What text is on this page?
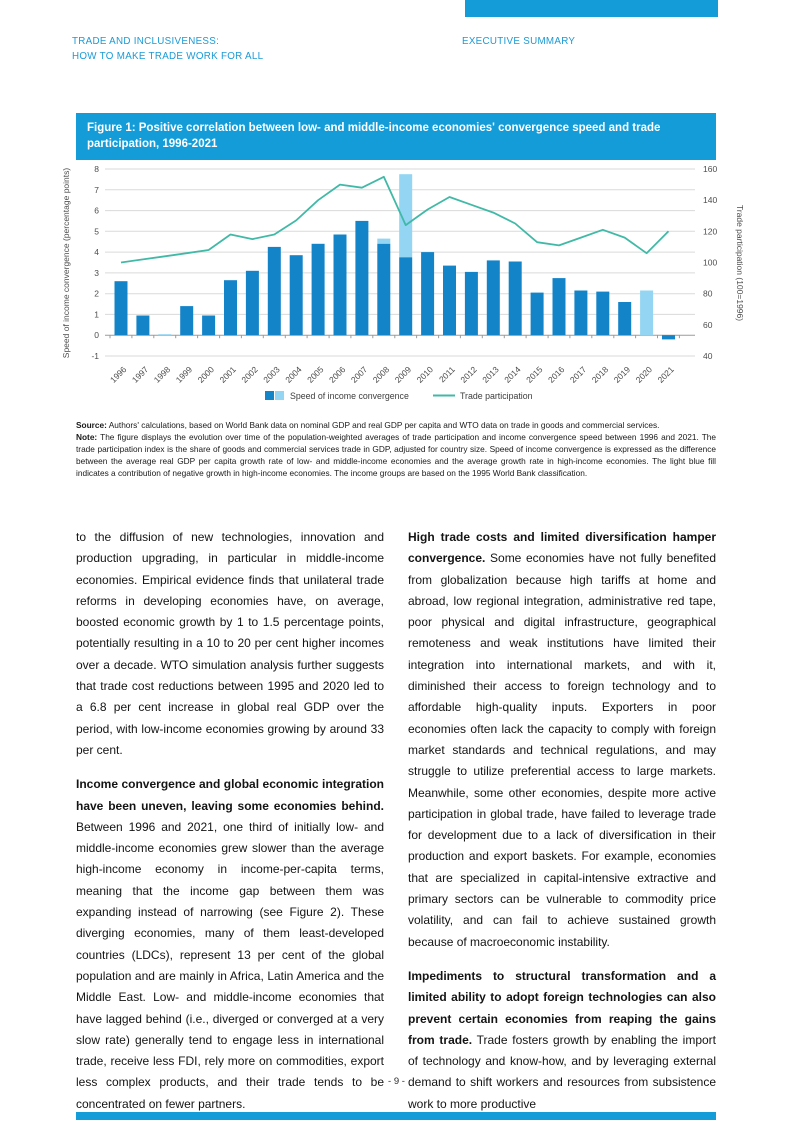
TRADE AND INCLUSIVENESS:
HOW TO MAKE TRADE WORK FOR ALL
EXECUTIVE SUMMARY
Figure 1: Positive correlation between low- and middle-income economies' convergence speed and trade participation, 1996-2021
8
7
6
5
4
3
2
1
0
-1
160
140
120
100
80
60
40
1996 1997 1998 1999 2000 2001 2002 2003 2004 2005 2006 2007 2008 2009 2010 2011 2012 2013 2014 2015 2016 2017 2018 2019 2020 2021
Speed of income convergence (percentage points)	Trade participation (100=1996)
Speed of income convergence	Trade participation

Source: Authors' calculations, based on World Bank data on nominal GDP and real GDP per capita and WTO data on trade in goods and commercial services.

Note: The figure displays the evolution over time of the population-weighted averages of trade participation and income convergence speed between 1996 and 2021. The trade participation index is the share of goods and commercial services trade in GDP, adjusted for country size. Speed of income convergence is expressed as the difference between the average real GDP per capita growth rate of low- and middle-income economies and the average growth rate in high-income economies. The light blue fill indicates a contribution of negative growth in high-income economies. The income groups are based on the 1995 World Bank classification.

to the diffusion of new technologies, innovation and production upgrading, in particular in middle-income economies. Empirical evidence finds that unilateral trade reforms in developing economies have, on average, boosted economic growth by 1 to 1.5 percentage points, potentially resulting in a 10 to 20 per cent higher incomes over a decade. WTO simulation analysis further suggests that trade cost reductions between 1995 and 2020 led to a 6.8 per cent increase in global real GDP over the period, with low-income economies growing by around 33 per cent.

Income convergence and global economic integration have been uneven, leaving some economies behind. Between 1996 and 2021, one third of initially low- and middle-income economies grew slower than the average high-income economy in income-per-capita terms, meaning that the income gap between them was expanding instead of narrowing (see Figure 2). These diverging economies, many of them least-developed countries (LDCs), represent 13 per cent of the global population and are mainly in Africa, Latin America and the Middle East. Low- and middle-income economies that have lagged behind (i.e., diverged or converged at a very slow rate) generally tend to engage less in international trade, receive less FDI, rely more on commodities, export less complex products, and their trade tends to be concentrated on fewer partners.

High trade costs and limited diversification hamper convergence. Some economies have not fully benefited from globalization because high tariffs at home and abroad, low regional integration, administrative red tape, poor physical and digital infrastructure, geographical remoteness and weak institutions have limited their integration into international markets, and with it, diminished their access to foreign technology and to affordable high-quality inputs. Exporters in poor economies often lack the capacity to comply with foreign market standards and technical regulations, and may struggle to utilize preferential access to large markets. Meanwhile, some other economies, despite more active participation in global trade, have failed to leverage trade for development due to a lack of diversification in their production and export baskets. For example, economies that are specialized in capital-intensive extractive and primary sectors can be vulnerable to commodity price volatility, and can fail to achieve sustained growth because of macroeconomic instability.

Impediments to structural transformation and a limited ability to adopt foreign technologies can also prevent certain economies from reaping the gains from trade. Trade fosters growth by enabling the import of technology and know-how, and by leveraging external demand to shift workers and resources from subsistence work to more productive

- 9 -
